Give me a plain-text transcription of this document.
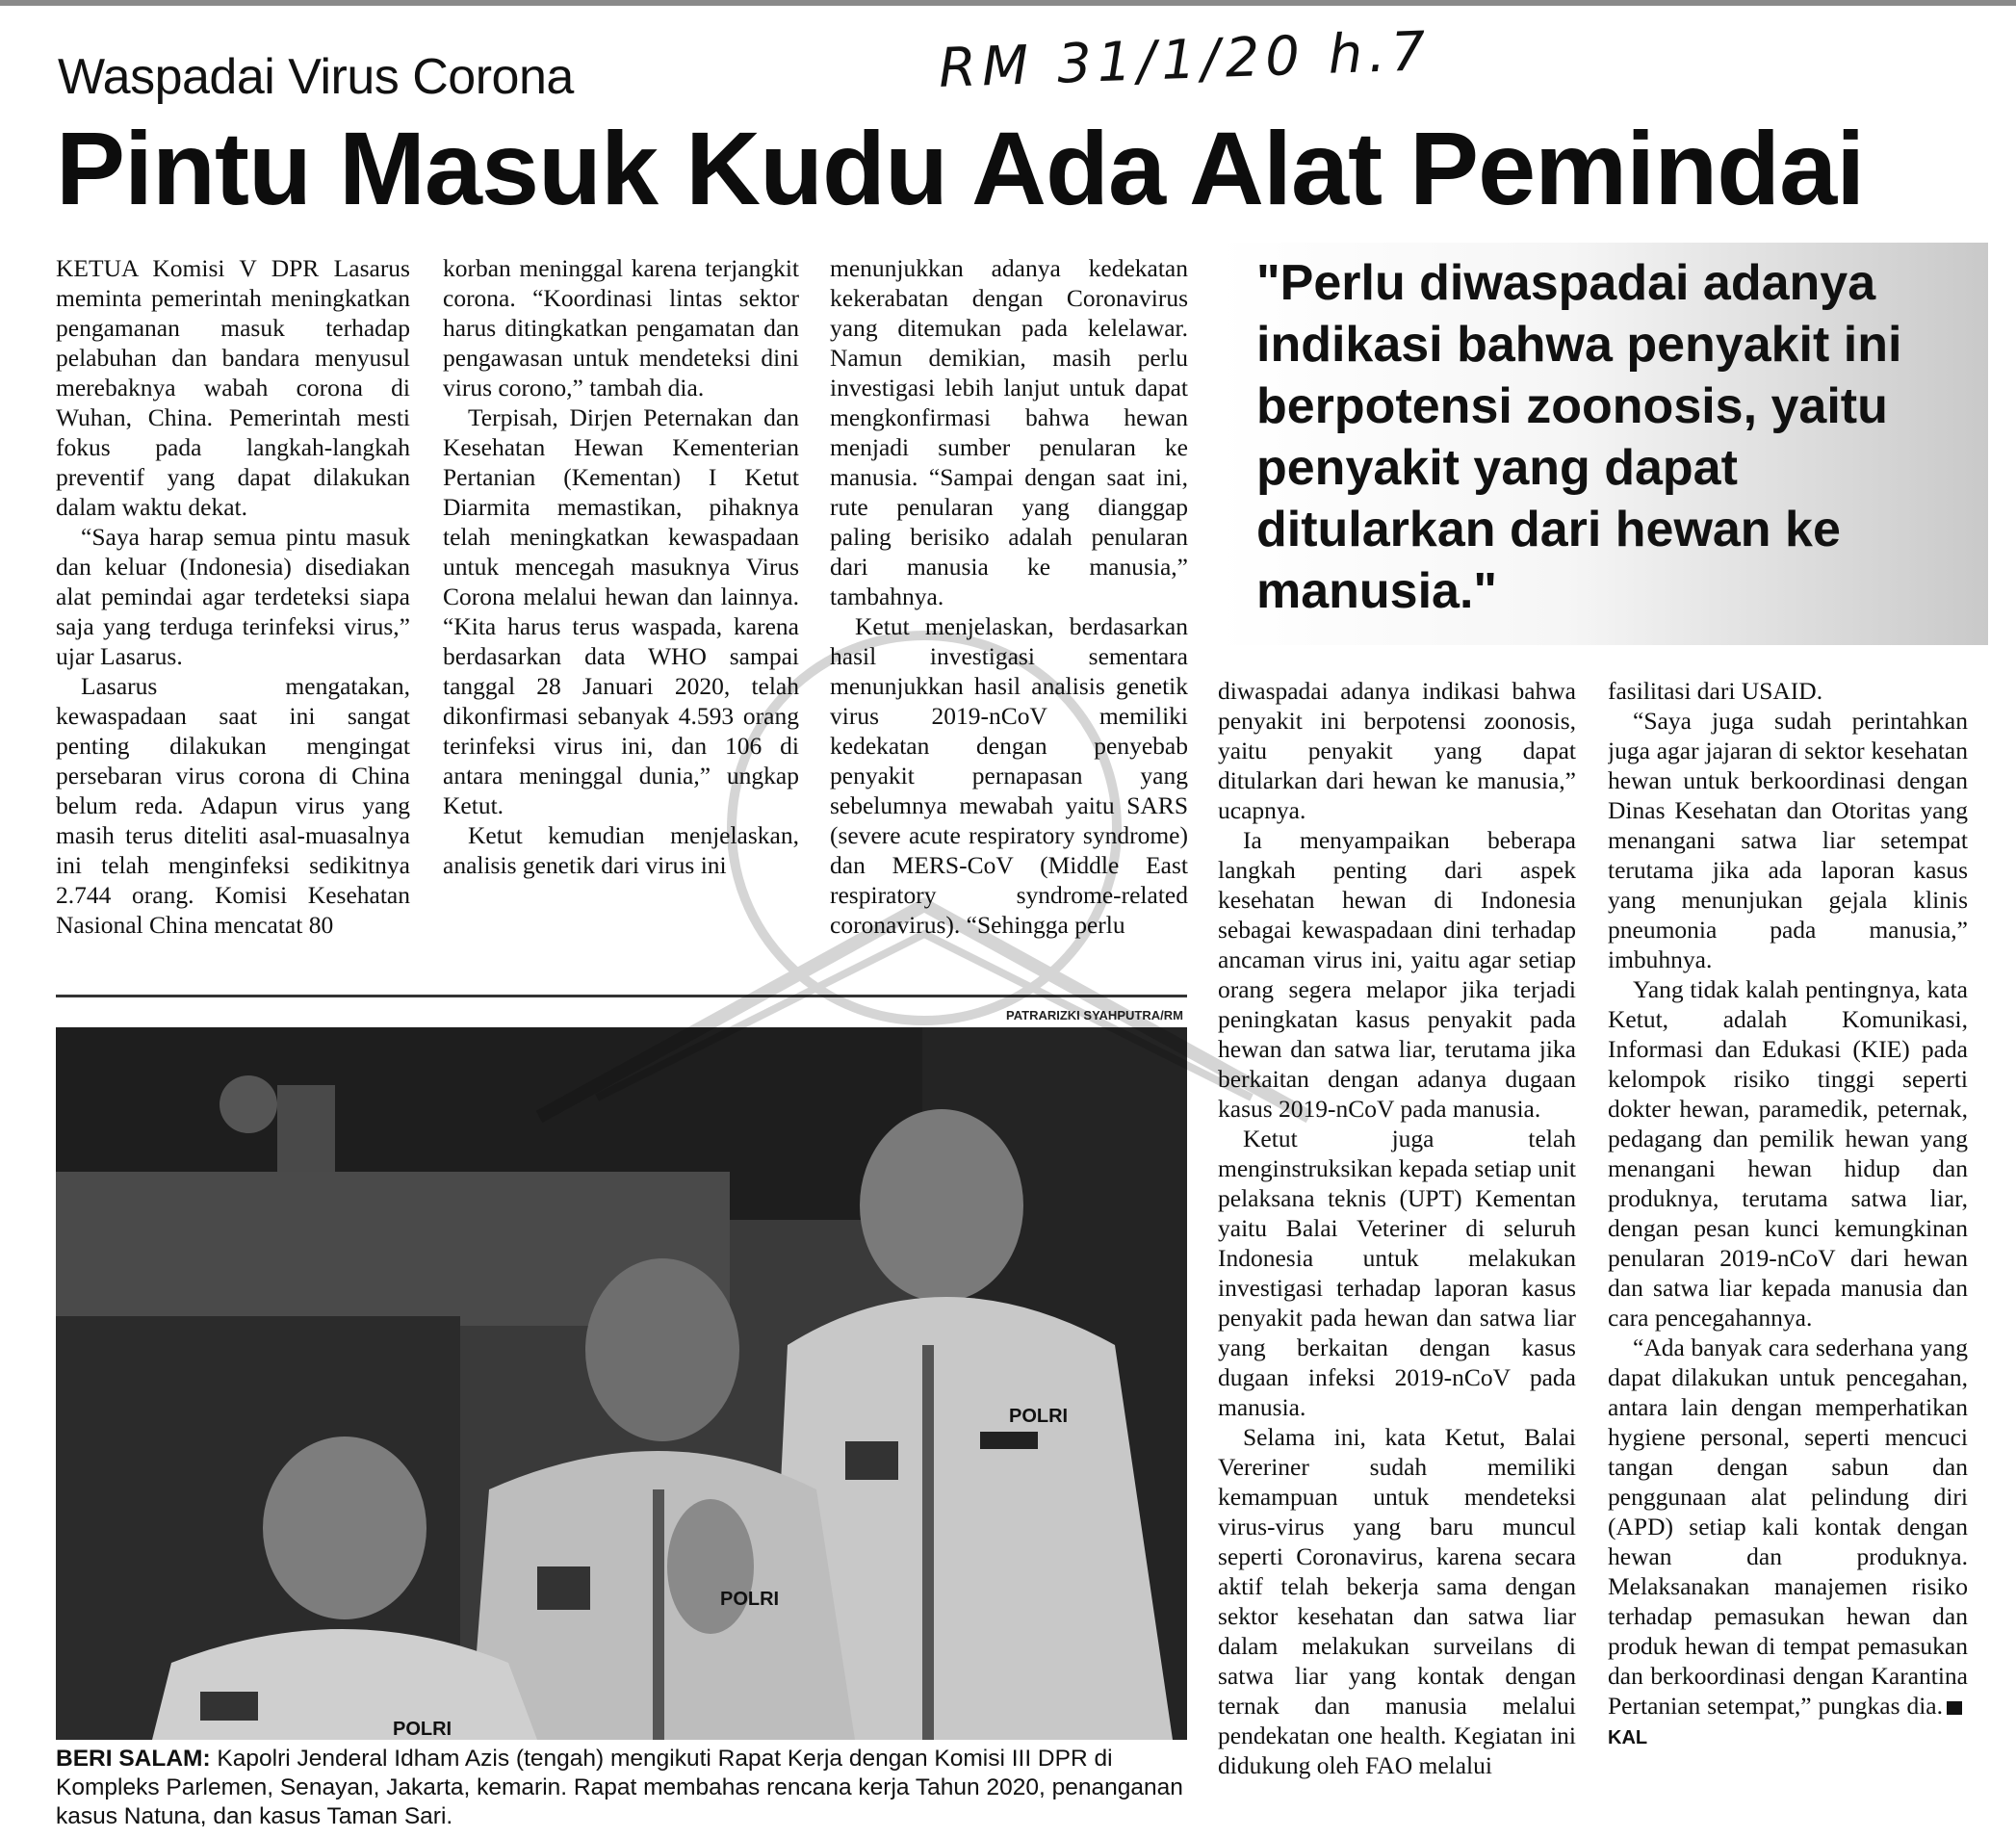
Waspadai Virus Corona	RM 31/1/20 h.7
Pintu Masuk Kudu Ada Alat Pemindai

KETUA Komisi V DPR Lasarus meminta pemerintah meningkatkan pengamanan masuk terhadap pelabuhan dan bandara menyusul merebaknya wabah corona di Wuhan, China. Pemerintah mesti fokus pada langkah-langkah preventif yang dapat dilakukan dalam waktu dekat.

“Saya harap semua pintu masuk dan keluar (Indonesia) disediakan alat pemindai agar terdeteksi siapa saja yang terduga terinfeksi virus,” ujar Lasarus.

Lasarus mengatakan, kewaspadaan saat ini sangat penting dilakukan mengingat persebaran virus corona di China belum reda. Adapun virus yang masih terus diteliti asal-muasalnya ini telah menginfeksi sedikitnya 2.744 orang. Komisi Kesehatan Nasional China mencatat 80

korban meninggal karena terjangkit corona. “Koordinasi lintas sektor harus ditingkatkan pengamatan dan pengawasan untuk mendeteksi dini virus corono,” tambah dia.

Terpisah, Dirjen Peternakan dan Kesehatan Hewan Kementerian Pertanian (Kementan) I Ketut Diarmita memastikan, pihaknya telah meningkatkan kewaspadaan untuk mencegah masuknya Virus Corona melalui hewan dan lainnya. “Kita harus terus waspada, karena berdasarkan data WHO sampai tanggal 28 Januari 2020, telah dikonfirmasi sebanyak 4.593 orang terinfeksi virus ini, dan 106 di antara meninggal dunia,” ungkap Ketut.

Ketut kemudian menjelaskan, analisis genetik dari virus ini

menunjukkan adanya kedekatan kekerabatan dengan Coronavirus yang ditemukan pada kelelawar. Namun demikian, masih perlu investigasi lebih lanjut untuk dapat mengkonfirmasi bahwa hewan menjadi sumber penularan ke manusia. “Sampai dengan saat ini, rute penularan yang dianggap paling berisiko adalah penularan dari manusia ke manusia,” tambahnya.

Ketut menjelaskan, berdasarkan hasil investigasi sementara menunjukkan hasil analisis genetik virus 2019-nCoV memiliki kedekatan dengan penyebab penyakit pernapasan yang sebelumnya mewabah yaitu SARS (severe acute respiratory syndrome) dan MERS-CoV (Middle East respiratory syndrome-related coronavirus). “Sehingga perlu

"Perlu diwaspadai adanya indikasi bahwa penyakit ini berpotensi zoonosis, yaitu penyakit yang dapat ditularkan dari hewan ke manusia."

diwaspadai adanya indikasi bahwa penyakit ini berpotensi zoonosis, yaitu penyakit yang dapat ditularkan dari hewan ke manusia,” ucapnya.

Ia menyampaikan beberapa langkah penting dari aspek kesehatan hewan di Indonesia sebagai kewaspadaan dini terhadap ancaman virus ini, yaitu agar setiap orang segera melapor jika terjadi peningkatan kasus penyakit pada hewan dan satwa liar, terutama jika berkaitan dengan adanya dugaan kasus 2019-nCoV pada manusia.

Ketut juga telah menginstruksikan kepada setiap unit pelaksana teknis (UPT) Kementan yaitu Balai Veteriner di seluruh Indonesia untuk melakukan investigasi terhadap laporan kasus penyakit pada hewan dan satwa liar yang berkaitan dengan kasus dugaan infeksi 2019-nCoV pada manusia.

Selama ini, kata Ketut, Balai Vereriner sudah memiliki kemampuan untuk mendeteksi virus-virus yang baru muncul seperti Coronavirus, karena secara aktif telah bekerja sama dengan sektor kesehatan dan satwa liar dalam melakukan surveilans di satwa liar yang kontak dengan ternak dan manusia melalui pendekatan one health. Kegiatan ini didukung oleh FAO melalui

fasilitasi dari USAID.

“Saya juga sudah perintahkan juga agar jajaran di sektor kesehatan hewan untuk berkoordinasi dengan Dinas Kesehatan dan Otoritas yang menangani satwa liar setempat terutama jika ada laporan kasus yang menunjukan gejala klinis pneumonia pada manusia,” imbuhnya.

Yang tidak kalah pentingnya, kata Ketut, adalah Komunikasi, Informasi dan Edukasi (KIE) pada kelompok risiko tinggi seperti dokter hewan, paramedik, peternak, pedagang dan pemilik hewan yang menangani hewan hidup dan produknya, terutama satwa liar, dengan pesan kunci kemungkinan penularan 2019-nCoV dari hewan dan satwa liar kepada manusia dan cara pencegahannya.

“Ada banyak cara sederhana yang dapat dilakukan untuk pencegahan, antara lain dengan memperhatikan hygiene personal, seperti mencuci tangan dengan sabun dan penggunaan alat pelindung diri (APD) setiap kali kontak dengan hewan dan produknya. Melaksanakan manajemen risiko terhadap pemasukan hewan dan produk hewan di tempat pemasukan dan berkoordinasi dengan Karantina Pertanian setempat,” pungkas dia.KAL

PATRARIZKI SYAHPUTRA/RM
POLRI
POLRI
POLRI
BERI SALAM: Kapolri Jenderal Idham Azis (tengah) mengikuti Rapat Kerja dengan Komisi III DPR di Kompleks Parlemen, Senayan, Jakarta, kemarin. Rapat membahas rencana kerja Tahun 2020, penanganan kasus Natuna, dan kasus Taman Sari.
